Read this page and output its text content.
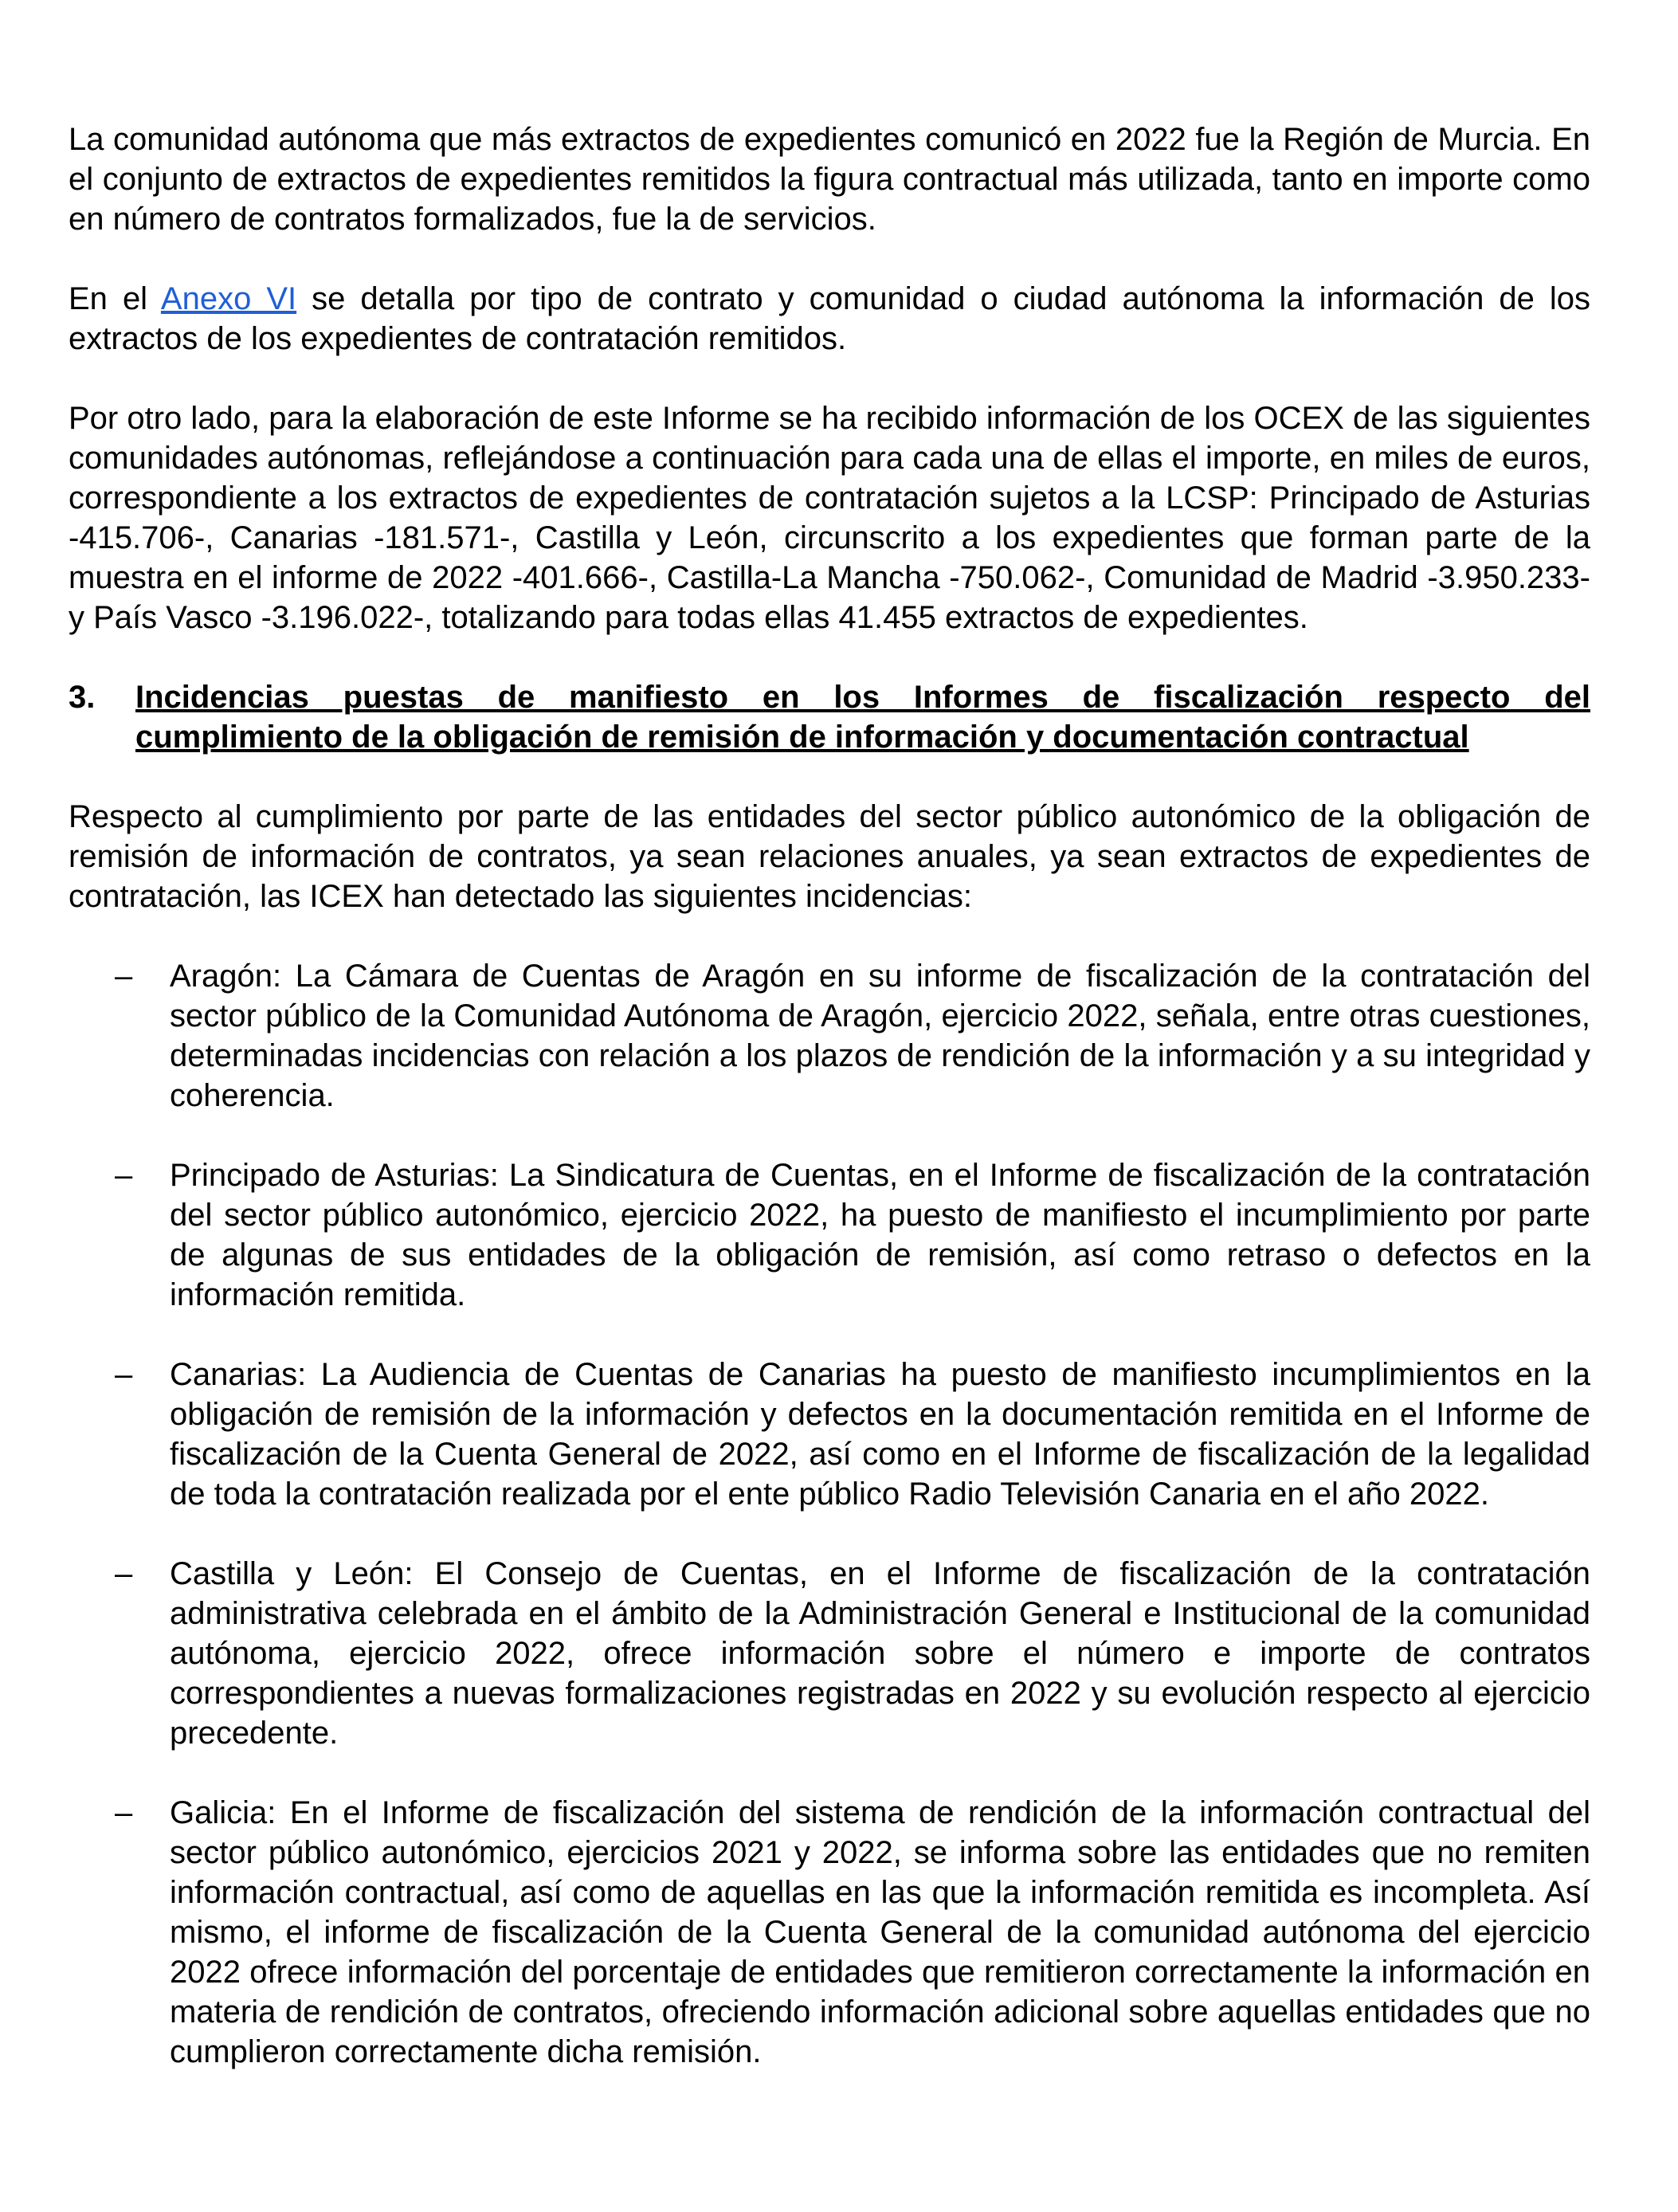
La comunidad autónoma que más extractos de expedientes comunicó en 2022 fue la Región de Murcia. En el conjunto de extractos de expedientes remitidos la figura contractual más utilizada, tanto en importe como en número de contratos formalizados, fue la de servicios.

En el Anexo VI se detalla por tipo de contrato y comunidad o ciudad autónoma la información de los extractos de los expedientes de contratación remitidos.

Por otro lado, para la elaboración de este Informe se ha recibido información de los OCEX de las siguientes comunidades autónomas, reflejándose a continuación para cada una de ellas el importe, en miles de euros, correspondiente a los extractos de expedientes de contratación sujetos a la LCSP: Principado de Asturias -415.706-, Canarias -181.571-, Castilla y León, circunscrito a los expedientes que forman parte de la muestra en el informe de 2022 -401.666-, Castilla-La Mancha -750.062-, Comunidad de Madrid -3.950.233- y País Vasco -3.196.022-, totalizando para todas ellas 41.455 extractos de expedientes.

3.	Incidencias puestas de manifiesto en los Informes de fiscalización respecto del
cumplimiento de la obligación de remisión de información y documentación contractual

Respecto al cumplimiento por parte de las entidades del sector público autonómico de la obligación de remisión de información de contratos, ya sean relaciones anuales, ya sean extractos de expedientes de contratación, las ICEX han detectado las siguientes incidencias:

–	Aragón: La Cámara de Cuentas de Aragón en su informe de fiscalización de la contratación del sector público de la Comunidad Autónoma de Aragón, ejercicio 2022, señala, entre otras cuestiones, determinadas incidencias con relación a los plazos de rendición de la información y a su integridad y coherencia.
–	Principado de Asturias: La Sindicatura de Cuentas, en el Informe de fiscalización de la contratación del sector público autonómico, ejercicio 2022, ha puesto de manifiesto el incumplimiento por parte de algunas de sus entidades de la obligación de remisión, así como retraso o defectos en la información remitida.
–	Canarias: La Audiencia de Cuentas de Canarias ha puesto de manifiesto incumplimientos en la obligación de remisión de la información y defectos en la documentación remitida en el Informe de fiscalización de la Cuenta General de 2022, así como en el Informe de fiscalización de la legalidad de toda la contratación realizada por el ente público Radio Televisión Canaria en el año 2022.
–	Castilla y León: El Consejo de Cuentas, en el Informe de fiscalización de la contratación administrativa celebrada en el ámbito de la Administración General e Institucional de la comunidad autónoma, ejercicio 2022, ofrece información sobre el número e importe de contratos correspondientes a nuevas formalizaciones registradas en 2022 y su evolución respecto al ejercicio precedente.
–	Galicia: En el Informe de fiscalización del sistema de rendición de la información contractual del sector público autonómico, ejercicios 2021 y 2022, se informa sobre las entidades que no remiten información contractual, así como de aquellas en las que la información remitida es incompleta. Así mismo, el informe de fiscalización de la Cuenta General de la comunidad autónoma del ejercicio 2022 ofrece información del porcentaje de entidades que remitieron correctamente la información en materia de rendición de contratos, ofreciendo información adicional sobre aquellas entidades que no cumplieron correctamente dicha remisión.
